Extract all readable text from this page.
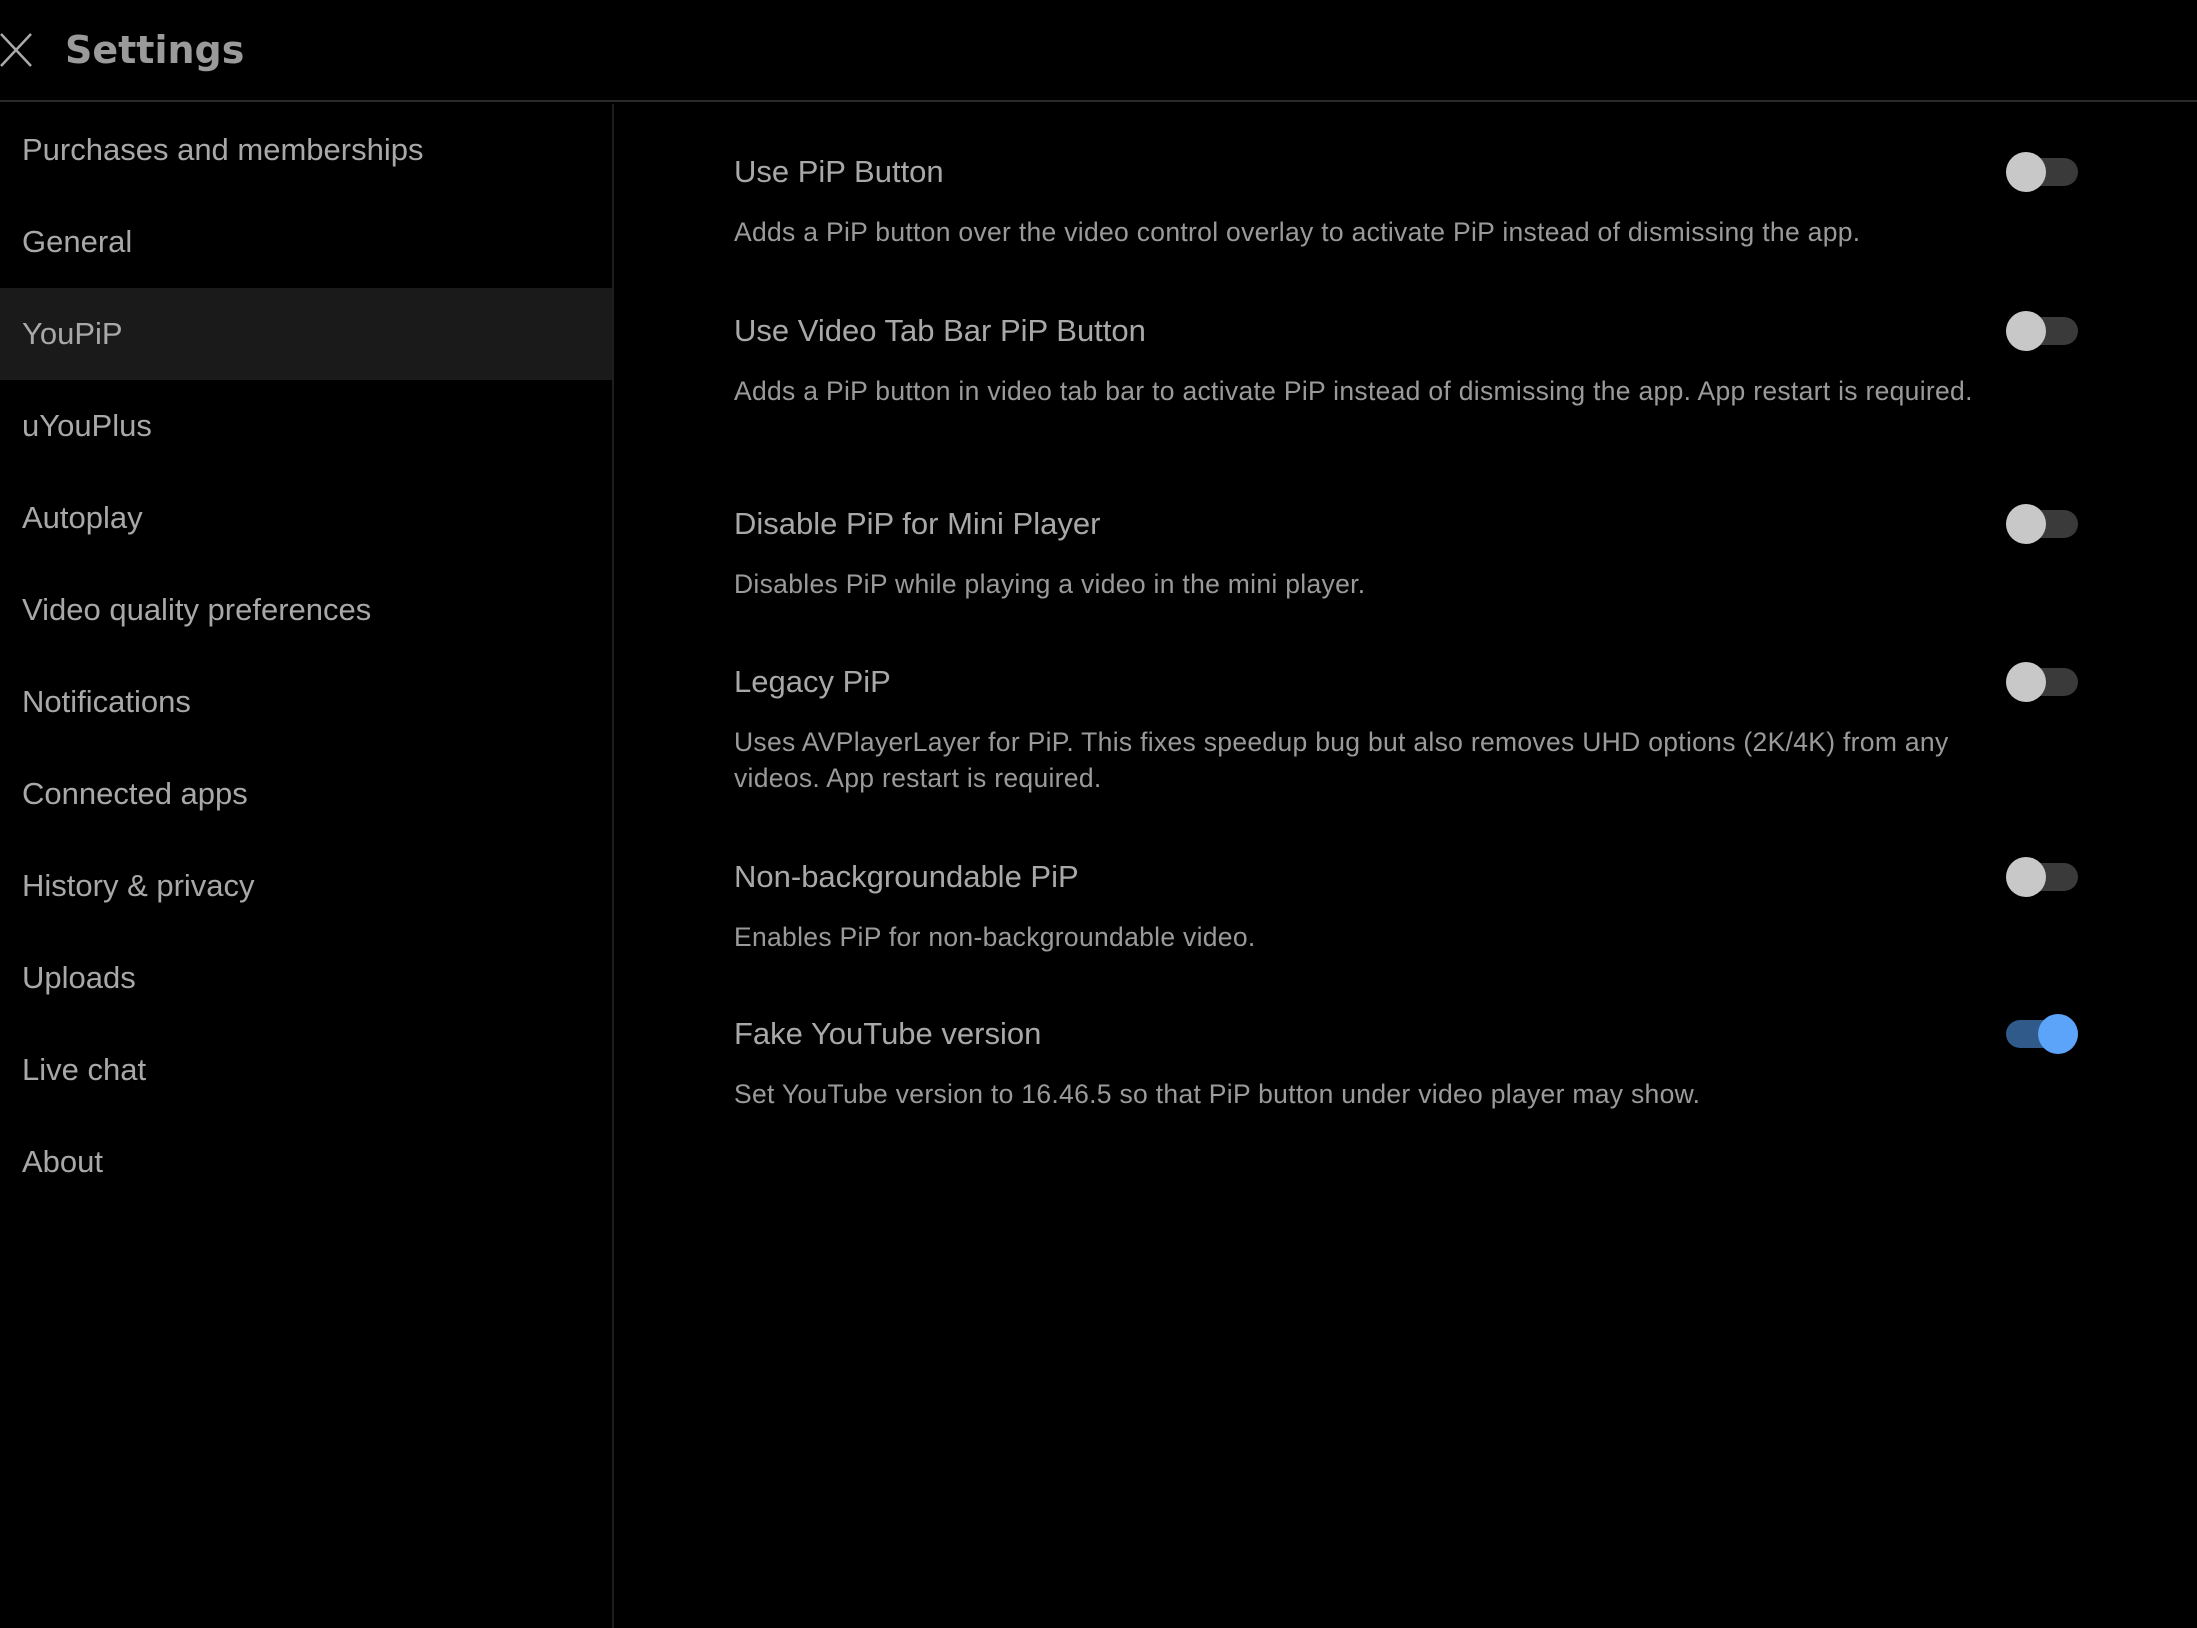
Settings
Purchases and memberships
General
YouPiP
uYouPlus
Autoplay
Video quality preferences
Notifications
Connected apps
History & privacy
Uploads
Live chat
About
Use PiP Button
Adds a PiP button over the video control overlay to activate PiP instead of dismissing the app.
Use Video Tab Bar PiP Button
Adds a PiP button in video tab bar to activate PiP instead of dismissing the app. App restart is required.
Disable PiP for Mini Player
Disables PiP while playing a video in the mini player.
Legacy PiP
Uses AVPlayerLayer for PiP. This fixes speedup bug but also removes UHD options (2K/4K) from any videos. App restart is required.
Non-backgroundable PiP
Enables PiP for non-backgroundable video.
Fake YouTube version
Set YouTube version to 16.46.5 so that PiP button under video player may show.
